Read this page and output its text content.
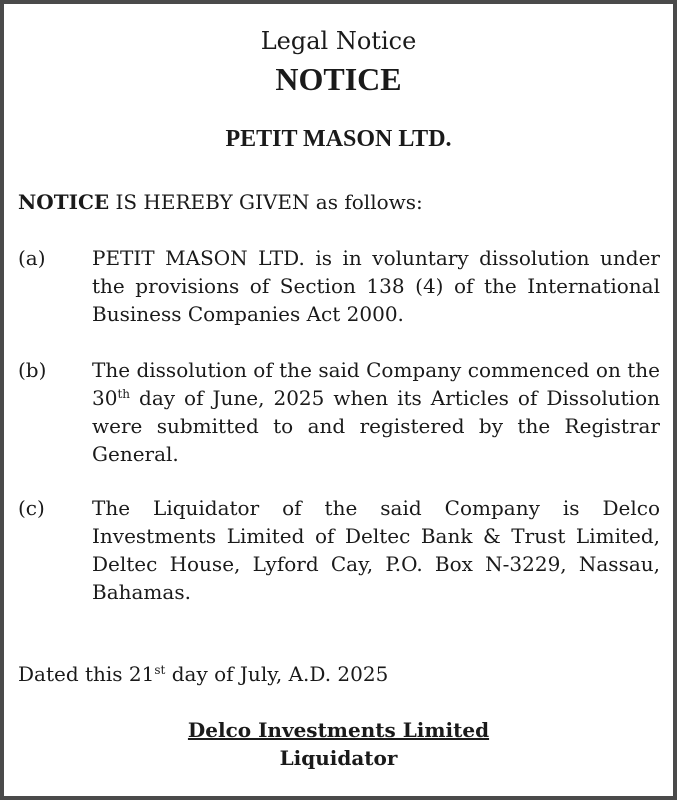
Legal Notice
NOTICE
PETIT MASON LTD.
NOTICE IS HEREBY GIVEN as follows:
(a) PETIT MASON LTD. is in voluntary dissolution under the provisions of Section 138 (4) of the International Business Companies Act 2000.
(b) The dissolution of the said Company commenced on the 30th day of June, 2025 when its Articles of Dissolution were submitted to and registered by the Registrar General.
(c) The Liquidator of the said Company is Delco Investments Limited of Deltec Bank & Trust Limited, Deltec House, Lyford Cay, P.O. Box N-3229, Nassau, Bahamas.
Dated this 21st day of July, A.D. 2025
Delco Investments Limited
Liquidator
